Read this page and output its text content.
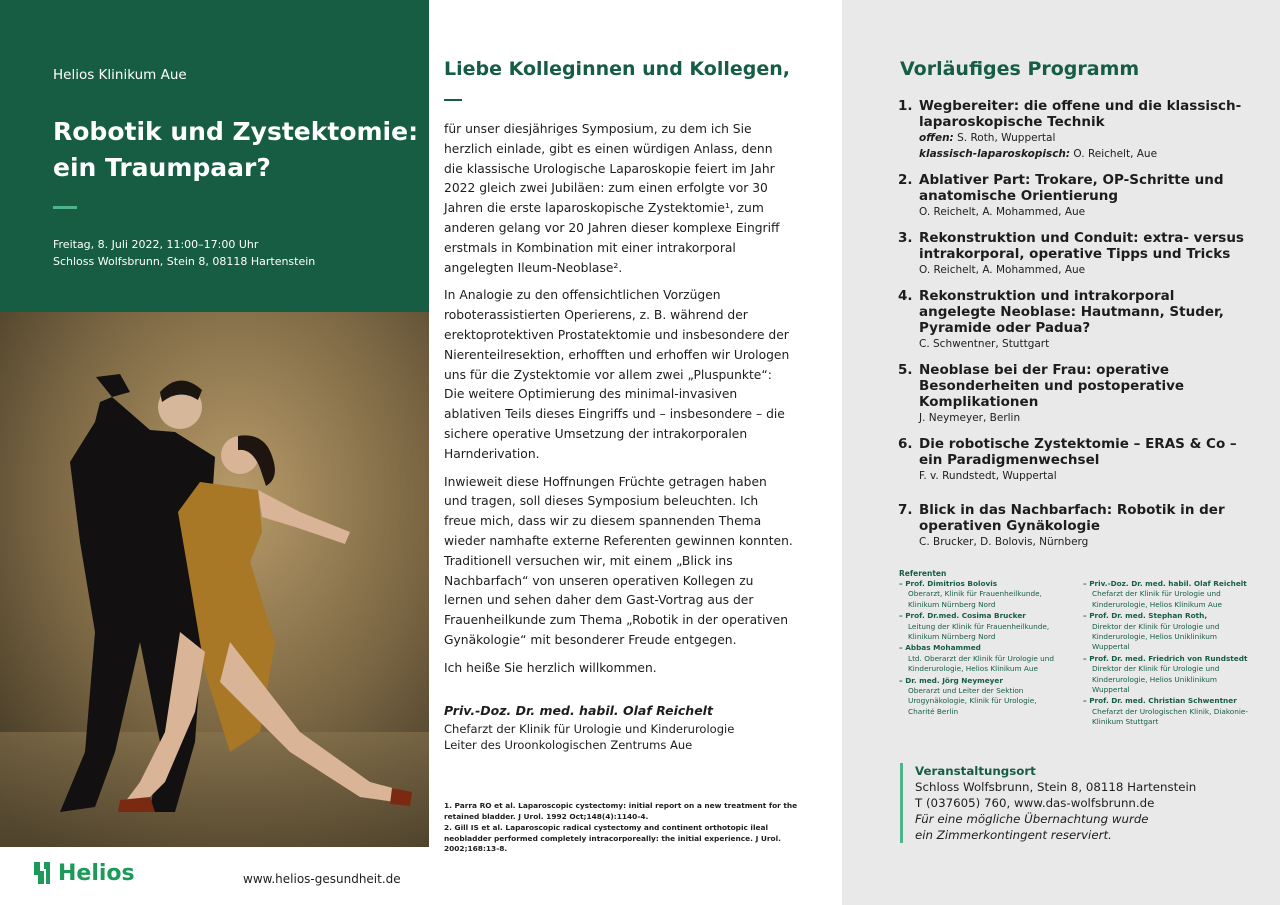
Helios Klinikum Aue
Robotik und Zystektomie:
ein Traumpaar?
Freitag, 8. Juli 2022, 11:00–17:00 Uhr
Schloss Wolfsbrunn, Stein 8, 08118 Hartenstein
Helios	www.helios-gesundheit.de
Liebe Kolleginnen und Kollegen,

für unser diesjähriges Symposium, zu dem ich Sie herzlich einlade, gibt es einen würdigen Anlass, denn die klassische Urologische Laparoskopie feiert im Jahr 2022 gleich zwei Jubiläen: zum einen erfolgte vor 30 Jahren die erste laparoskopische Zystektomie¹, zum anderen gelang vor 20 Jahren dieser komplexe Eingriff erstmals in Kombination mit einer intrakorporal angelegten Ileum-Neoblase².

In Analogie zu den offensichtlichen Vorzügen roboterassistierten Operierens, z. B. während der erektoprotektiven Prostatektomie und insbesondere der Nierenteilresektion, erhofften und erhoffen wir Urologen uns für die Zystektomie vor allem zwei „Pluspunkte“: Die weitere Optimierung des minimal-invasiven ablativen Teils dieses Eingriffs und – insbesondere – die sichere operative Umsetzung der intrakorporalen Harnderivation.

Inwieweit diese Hoffnungen Früchte getragen haben und tragen, soll dieses Symposium beleuchten. Ich freue mich, dass wir zu diesem spannenden Thema wieder namhafte externe Referenten gewinnen konnten. Traditionell versuchen wir, mit einem „Blick ins Nachbarfach“ von unseren operativen Kollegen zu lernen und sehen daher dem Gast-Vortrag aus der Frauenheilkunde zum Thema „Robotik in der operativen Gynäkologie“ mit besonderer Freude entgegen.

Ich heiße Sie herzlich willkommen.

Priv.-Doz. Dr. med. habil. Olaf Reichelt
Chefarzt der Klinik für Urologie und Kinderurologie
Leiter des Uroonkologischen Zentrums Aue
1. Parra RO et al. Laparoscopic cystectomy: initial report on a new treatment for the retained bladder. J Urol. 1992 Oct;148(4):1140-4.
2. Gill IS et al. Laparoscopic radical cystectomy and continent orthotopic ileal neobladder performed completely intracorporeally: the initial experience. J Urol. 2002;168:13-8.
Vorläufiges Programm
1. Wegbereiter: die offene und die klassisch-laparoskopische Technik
offen: S. Roth, Wuppertal
klassisch-laparoskopisch: O. Reichelt, Aue
2. Ablativer Part: Trokare, OP-Schritte und anatomische Orientierung
O. Reichelt, A. Mohammed, Aue
3. Rekonstruktion und Conduit: extra- versus intrakorporal, operative Tipps und Tricks
O. Reichelt, A. Mohammed, Aue
4. Rekonstruktion und intrakorporal angelegte Neoblase: Hautmann, Studer, Pyramide oder Padua?
C. Schwentner, Stuttgart
5. Neoblase bei der Frau: operative Besonderheiten und postoperative Komplikationen
J. Neymeyer, Berlin
6. Die robotische Zystektomie – ERAS & Co – ein Paradigmenwechsel
F. v. Rundstedt, Wuppertal
7. Blick in das Nachbarfach: Robotik in der operativen Gynäkologie
C. Brucker, D. Bolovis, Nürnberg
Referenten
– Prof. Dimitrios Bolovis
Oberarzt, Klinik für Frauenheilkunde, Klinikum Nürnberg Nord
– Prof. Dr.med. Cosima Brucker
Leitung der Klinik für Frauenheilkunde, Klinikum Nürnberg Nord
– Abbas Mohammed
Ltd. Oberarzt der Klinik für Urologie und Kinderurologie, Helios Klinikum Aue
– Dr. med. Jörg Neymeyer
Oberarzt und Leiter der Sektion Urogynäkologie, Klinik für Urologie, Charité Berlin
– Priv.-Doz. Dr. med. habil. Olaf Reichelt
Chefarzt der Klinik für Urologie und Kinderurologie, Helios Klinikum Aue
– Prof. Dr. med. Stephan Roth,
Direktor der Klinik für Urologie und Kinderurologie, Helios Uniklinikum Wuppertal
– Prof. Dr. med. Friedrich von Rundstedt
Direktor der Klinik für Urologie und Kinderurologie, Helios Uniklinikum Wuppertal
– Prof. Dr. med. Christian Schwentner
Chefarzt der Urologischen Klinik, Diakonie-Klinikum Stuttgart
Veranstaltungsort
Schloss Wolfsbrunn, Stein 8, 08118 Hartenstein
T (037605) 760, www.das-wolfsbrunn.de
Für eine mögliche Übernachtung wurde
ein Zimmerkontingent reserviert.
